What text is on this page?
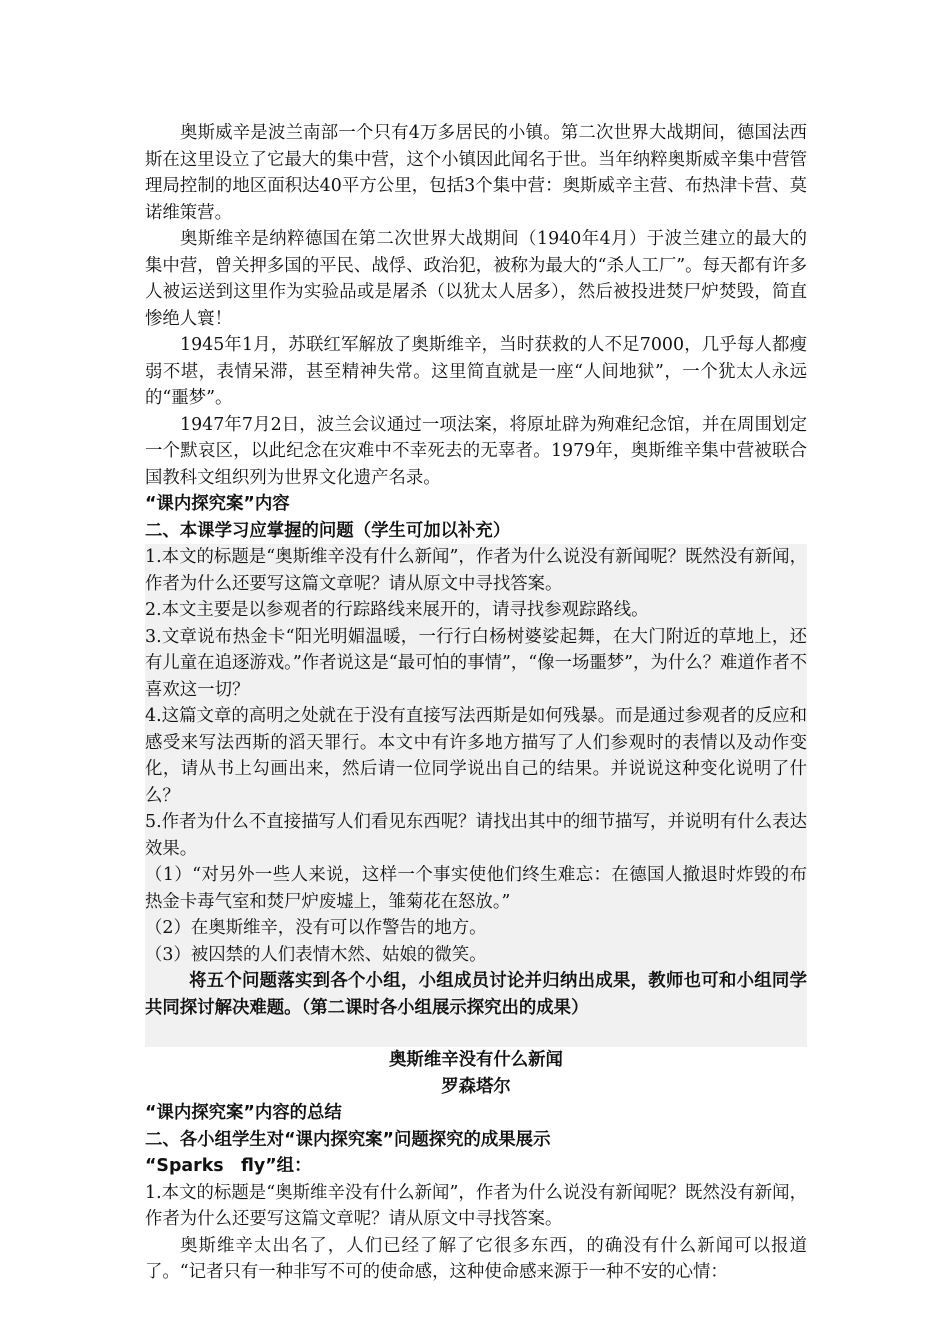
奥斯威辛是波兰南部一个只有4万多居民的小镇。第二次世界大战期间，德国法西斯在这里设立了它最大的集中营，这个小镇因此闻名于世。当年纳粹奥斯威辛集中营管理局控制的地区面积达40平方公里，包括3个集中营：奥斯威辛主营、布热津卡营、莫诺维策营。

奥斯维辛是纳粹德国在第二次世界大战期间（1940年4月）于波兰建立的最大的集中营，曾关押多国的平民、战俘、政治犯，被称为最大的“杀人工厂”。每天都有许多人被运送到这里作为实验品或是屠杀（以犹太人居多），然后被投进焚尸炉焚毁，简直惨绝人寰！

1945年1月，苏联红军解放了奥斯维辛，当时获救的人不足7000，几乎每人都瘦弱不堪，表情呆滞，甚至精神失常。这里简直就是一座“人间地狱”，一个犹太人永远的“噩梦”。

1947年7月2日，波兰会议通过一项法案，将原址辟为殉难纪念馆，并在周围划定一个默哀区，以此纪念在灾难中不幸死去的无辜者。1979年，奥斯维辛集中营被联合国教科文组织列为世界文化遗产名录。

“课内探究案”内容

二、本课学习应掌握的问题（学生可加以补充）

1.本文的标题是“奥斯维辛没有什么新闻”，作者为什么说没有新闻呢？既然没有新闻，作者为什么还要写这篇文章呢？请从原文中寻找答案。

2.本文主要是以参观者的行踪路线来展开的，请寻找参观踪路线。

3.文章说布热金卡“阳光明媚温暖，一行行白杨树婆娑起舞，在大门附近的草地上，还有儿童在追逐游戏。”作者说这是“最可怕的事情”，“像一场噩梦”，为什么？难道作者不喜欢这一切？

4.这篇文章的高明之处就在于没有直接写法西斯是如何残暴。而是通过参观者的反应和感受来写法西斯的滔天罪行。本文中有许多地方描写了人们参观时的表情以及动作变化，请从书上勾画出来，然后请一位同学说出自己的结果。并说说这种变化说明了什么？

5.作者为什么不直接描写人们看见东西呢？请找出其中的细节描写，并说明有什么表达效果。

（1）“对另外一些人来说，这样一个事实使他们终生难忘：在德国人撤退时炸毁的布热金卡毒气室和焚尸炉废墟上，雏菊花在怒放。”

（2）在奥斯维辛，没有可以作警告的地方。

（3）被囚禁的人们表情木然、姑娘的微笑。

将五个问题落实到各个小组，小组成员讨论并归纳出成果，教师也可和小组同学共同探讨解决难题。（第二课时各小组展示探究出的成果）

奥斯维辛没有什么新闻

罗森塔尔

“课内探究案”内容的总结

二、各小组学生对“课内探究案”问题探究的成果展示

“Sparks　fly”组：

1.本文的标题是“奥斯维辛没有什么新闻”，作者为什么说没有新闻呢？既然没有新闻，作者为什么还要写这篇文章呢？请从原文中寻找答案。

奥斯维辛太出名了，人们已经了解了它很多东西，的确没有什么新闻可以报道了。“记者只有一种非写不可的使命感，这种使命感来源于一种不安的心情：
